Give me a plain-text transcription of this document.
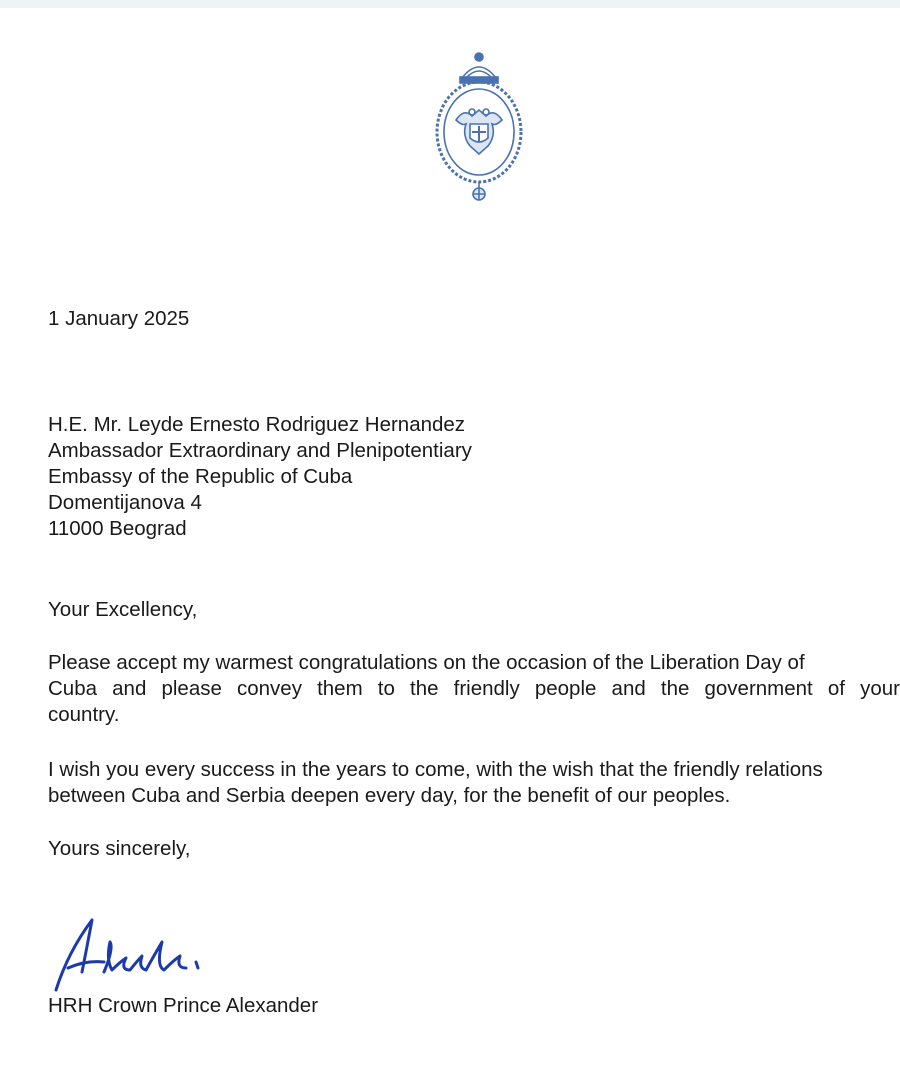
1 January 2025
H.E. Mr. Leyde Ernesto Rodriguez Hernandez
Ambassador Extraordinary and Plenipotentiary
Embassy of the Republic of Cuba
Domentijanova 4
11000 Beograd
Your Excellency,
Please accept my warmest congratulations on the occasion of the Liberation Day of
Cuba and please convey them to the friendly people and the government of your
country.
I wish you every success in the years to come, with the wish that the friendly relations
between Cuba and Serbia deepen every day, for the benefit of our peoples.
Yours sincerely,
HRH Crown Prince Alexander
